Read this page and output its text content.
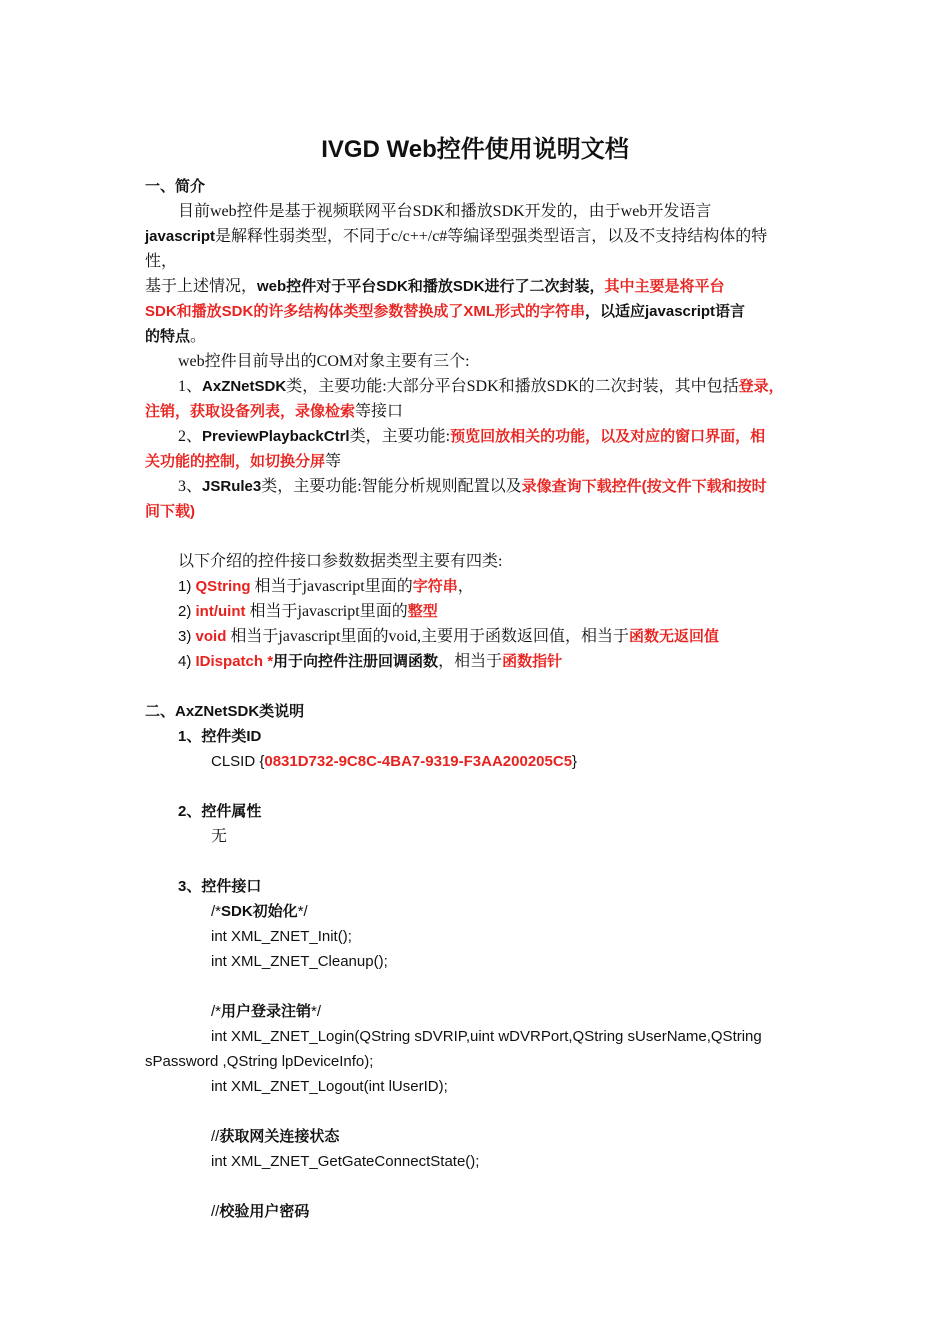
IVGD Web控件使用说明文档
一、简介
目前web控件是基于视频联网平台SDK和播放SDK开发的，由于web开发语言
javascript是解释性弱类型，不同于c/c++/c#等编译型强类型语言，以及不支持结构体的特
性，
基于上述情况，web控件对于平台SDK和播放SDK进行了二次封装，其中主要是将平台
SDK和播放SDK的许多结构体类型参数替换成了XML形式的字符串，以适应javascript语言
的特点。
web控件目前导出的COM对象主要有三个:
1、AxZNetSDK类，主要功能:大部分平台SDK和播放SDK的二次封装，其中包括登录，
注销，获取设备列表，录像检索等接口
2、PreviewPlaybackCtrl类，主要功能:预览回放相关的功能，以及对应的窗口界面，相
关功能的控制，如切换分屏等
3、JSRule3类，主要功能:智能分析规则配置以及录像查询下载控件(按文件下载和按时
间下载)
以下介绍的控件接口参数数据类型主要有四类:
1) QString 相当于javascript里面的字符串，
2) int/uint 相当于javascript里面的整型
3) void 相当于javascript里面的void,主要用于函数返回值，相当于函数无返回值
4) IDispatch *用于向控件注册回调函数，相当于函数指针
二、AxZNetSDK类说明
1、控件类ID
CLSID {0831D732-9C8C-4BA7-9319-F3AA200205C5}
2、控件属性
无
3、控件接口
/*SDK初始化*/
int XML_ZNET_Init();
int XML_ZNET_Cleanup();
/*用户登录注销*/
int XML_ZNET_Login(QString sDVRIP,uint wDVRPort,QString sUserName,QString
sPassword ,QString lpDeviceInfo);
int XML_ZNET_Logout(int lUserID);
//获取网关连接状态
int XML_ZNET_GetGateConnectState();
//校验用户密码
